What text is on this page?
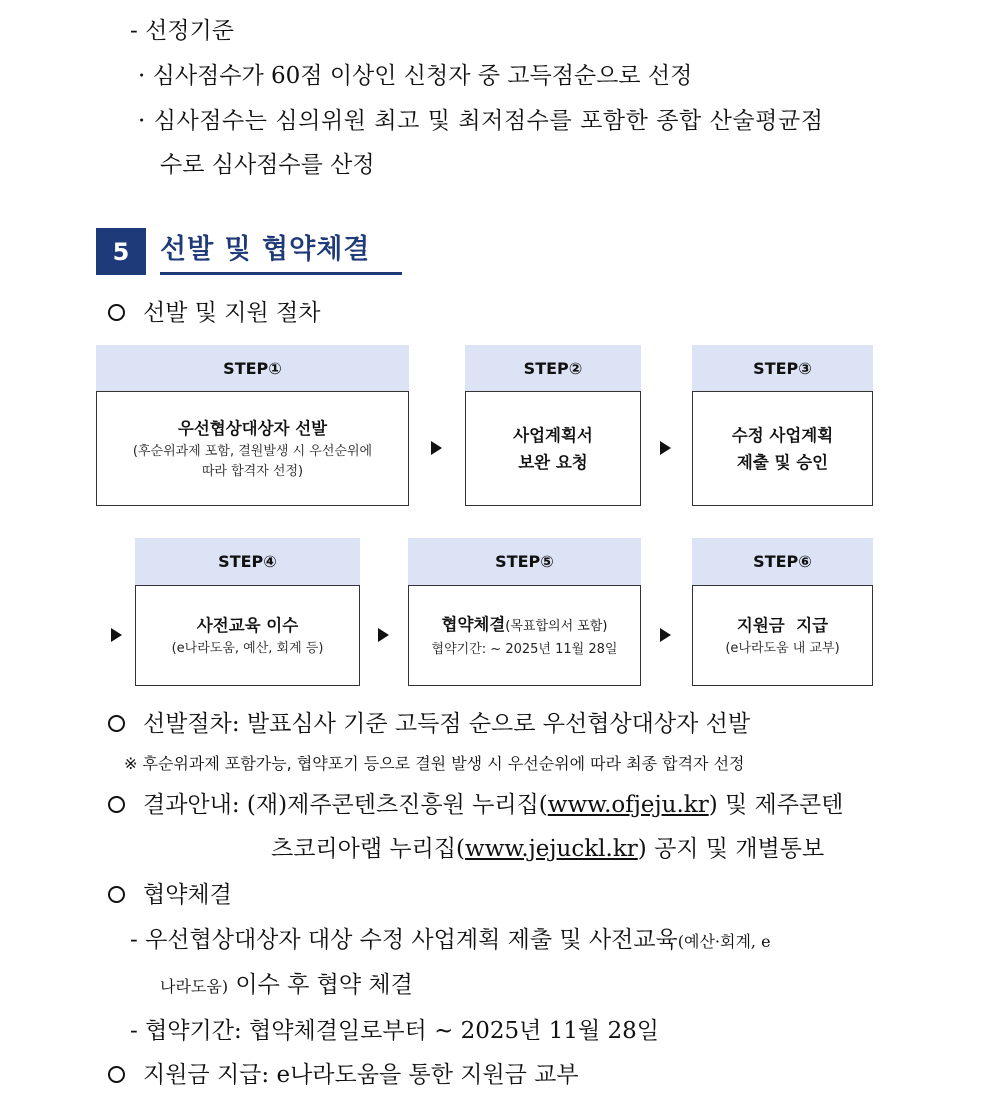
- 선정기준
· 심사점수가 60점 이상인 신청자 중 고득점순으로 선정
· 심사점수는 심의위원 최고 및 최저점수를 포함한 종합 산술평균점
수로 심사점수를 산정
5	선발 및 협약체결
선발 및 지원 절차
STEP①
우선협상대상자 선발
(후순위과제 포함, 결원발생 시 우선순위에
따라 합격자 선정)
STEP②
사업계획서
보완 요청
STEP③
수정 사업계획
제출 및 승인
STEP④
사전교육 이수
(e나라도움, 예산, 회계 등)
STEP⑤
협약체결(목표합의서 포함)
협약기간: ~ 2025년 11월 28일
STEP⑥
지원금  지급
(e나라도움 내 교부)
선발절차: 발표심사 기준 고득점 순으로 우선협상대상자 선발
※ 후순위과제 포함가능, 협약포기 등으로 결원 발생 시 우선순위에 따라 최종 합격자 선정
결과안내: (재)제주콘텐츠진흥원 누리집(www.ofjeju.kr) 및 제주콘텐
츠코리아랩 누리집(www.jejuckl.kr) 공지 및 개별통보
협약체결
- 우선협상대상자 대상 수정 사업계획 제출 및 사전교육(예산·회계, e
나라도움) 이수 후 협약 체결
- 협약기간: 협약체결일로부터 ~ 2025년 11월 28일
지원금 지급: e나라도움을 통한 지원금 교부
